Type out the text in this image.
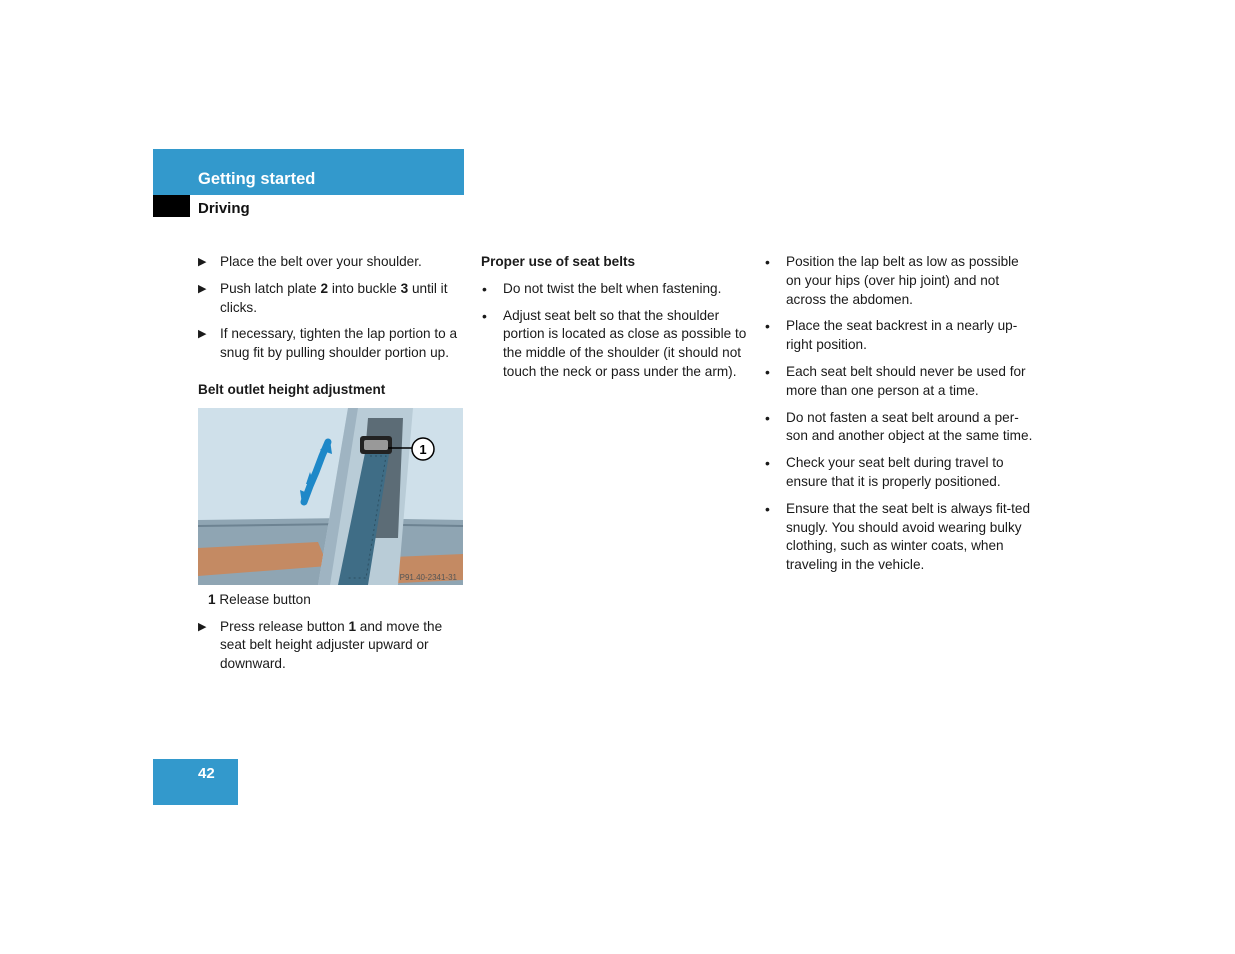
Getting started
Driving
▶ Place the belt over your shoulder.

▶ Push latch plate 2 into buckle 3 until it clicks.

▶ If necessary, tighten the lap portion to a snug fit by pulling shoulder portion up.

Belt outlet height adjustment
1
P91.40-2341-31
1 Release button
▶ Press release button 1 and move the seat belt height adjuster upward or downward.

Proper use of seat belts
•	Do not twist the belt when fastening.

•	Adjust seat belt so that the shoulder portion is located as close as possible to the middle of the shoulder (it should not touch the neck or pass under the arm).

•	Position the lap belt as low as possible on your hips (over hip joint) and not across the abdomen.

•	Place the seat backrest in a nearly up-right position.

•	Each seat belt should never be used for more than one person at a time.

•	Do not fasten a seat belt around a per-son and another object at the same time.

•	Check your seat belt during travel to ensure that it is properly positioned.

•	Ensure that the seat belt is always fit-ted snugly. You should avoid wearing bulky clothing, such as winter coats, when traveling in the vehicle.

42
